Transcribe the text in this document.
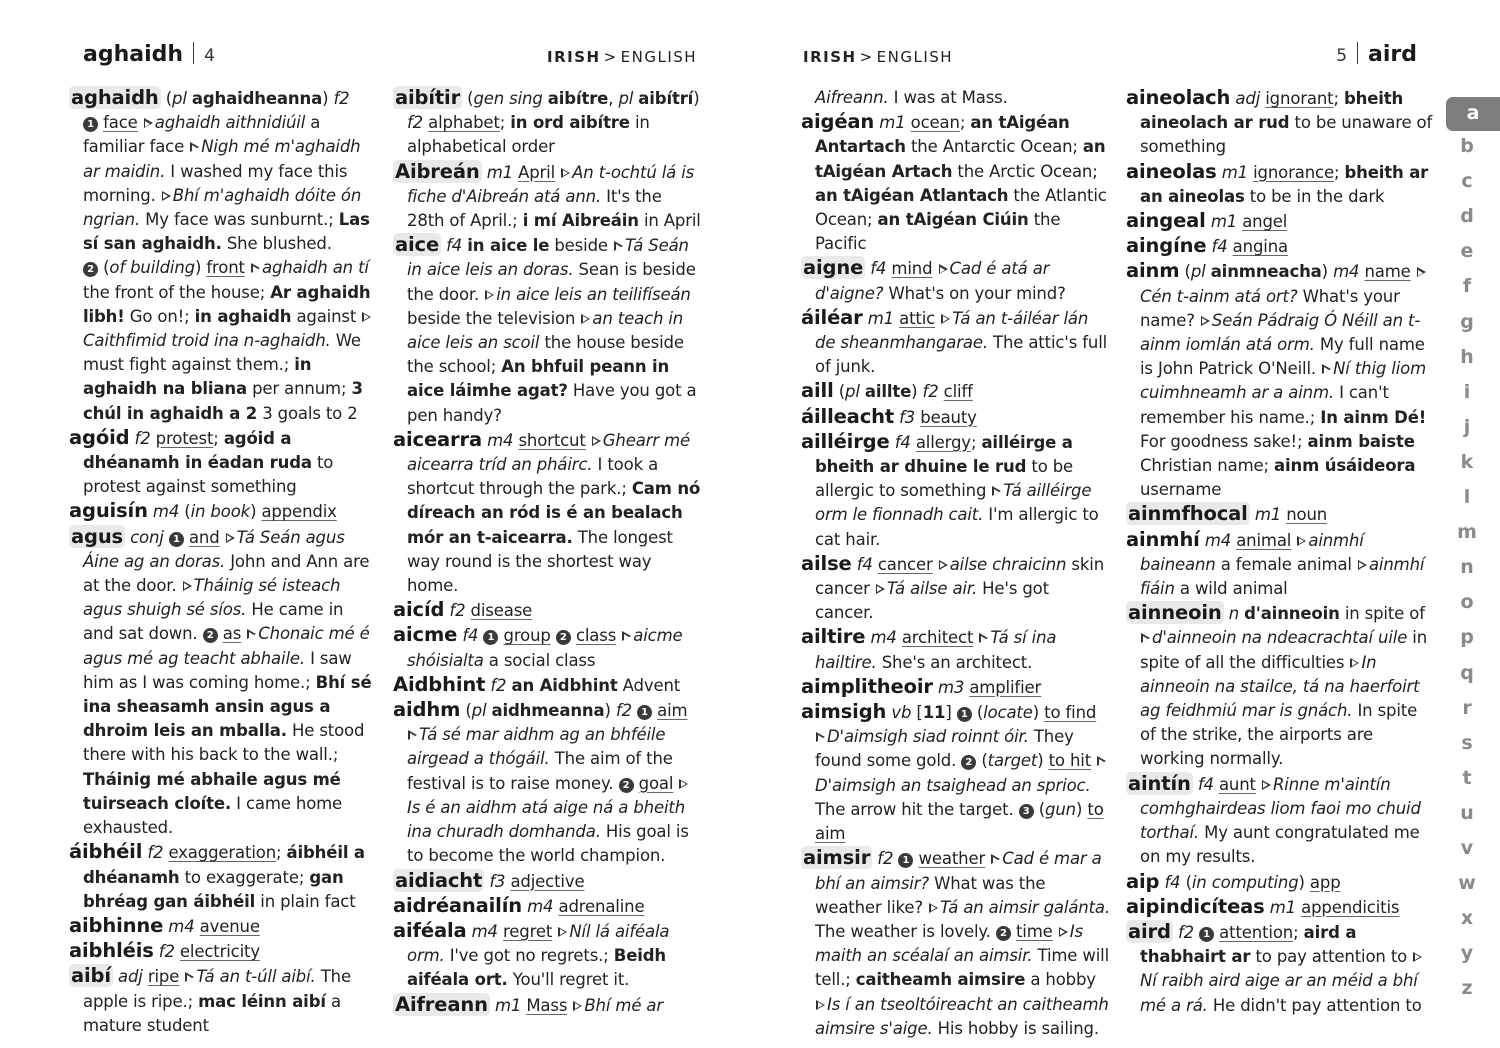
aghaidh 4	IRISH > ENGLISH	IRISH > ENGLISH	5 aird
aghaidh (pl aghaidheanna) f2
1 face aghaidh aithnidiúil a familiar face Nigh mé m'aghaidh ar maidin. I washed my face this morning. Bhí m'aghaidh dóite ón ngrian. My face was sunburnt.; Las sí san aghaidh. She blushed.
2 (of building) front aghaidh an tí the front of the house; Ar aghaidh libh! Go on!; in aghaidh against Caithfimid troid ina n-aghaidh. We must fight against them.; in aghaidh na bliana per annum; 3 chúl in aghaidh a 2 3 goals to 2
agóid f2 protest; agóid a dhéanamh in éadan ruda to protest against something
aguisín m4 (in book) appendix
agus conj 1 and Tá Seán agus Áine ag an doras. John and Ann are at the door. Tháinig sé isteach agus shuigh sé síos. He came in and sat down. 2 as Chonaic mé é agus mé ag teacht abhaile. I saw him as I was coming home.; Bhí sé ina sheasamh ansin agus a dhroim leis an mballa. He stood there with his back to the wall.; Tháinig mé abhaile agus mé tuirseach cloíte. I came home exhausted.
áibhéil f2 exaggeration; áibhéil a dhéanamh to exaggerate; gan bhréag gan áibhéil in plain fact
aibhinne m4 avenue
aibhléis f2 electricity
aibí adj ripe Tá an t-úll aibí. The apple is ripe.; mac léinn aibí a mature student
aibítir (gen sing aibítre, pl aibítrí) f2 alphabet; in ord aibítre in alphabetical order
Aibreán m1 April An t-ochtú lá is fiche d'Aibreán atá ann. It's the 28th of April.; i mí Aibreáin in April
aice f4 in aice le beside Tá Seán in aice leis an doras. Sean is beside the door. in aice leis an teilifíseán beside the television an teach in aice leis an scoil the house beside the school; An bhfuil peann in aice láimhe agat? Have you got a pen handy?
aicearra m4 shortcut Ghearr mé aicearra tríd an pháirc. I took a shortcut through the park.; Cam nó díreach an ród is é an bealach mór an t-aicearra. The longest way round is the shortest way home.
aicíd f2 disease
aicme f4 1 group 2 class aicme shóisialta a social class
Aidbhint f2 an Aidbhint Advent
aidhm (pl aidhmeanna) f2 1 aim Tá sé mar aidhm ag an bhféile airgead a thógáil. The aim of the festival is to raise money. 2 goal Is é an aidhm atá aige ná a bheith ina churadh domhanda. His goal is to become the world champion.
aidiacht f3 adjective
aidréanailín m4 adrenaline
aiféala m4 regret Níl lá aiféala orm. I've got no regrets.; Beidh aiféala ort. You'll regret it.
Aifreann m1 Mass Bhí mé ar
Aifreann. I was at Mass.
aigéan m1 ocean; an tAigéan Antartach the Antarctic Ocean; an tAigéan Artach the Arctic Ocean; an tAigéan Atlantach the Atlantic Ocean; an tAigéan Ciúin the Pacific
aigne f4 mind Cad é atá ar d'aigne? What's on your mind?
áiléar m1 attic Tá an t-áiléar lán de sheanmhangarae. The attic's full of junk.
aill (pl aillte) f2 cliff
áilleacht f3 beauty
ailléirge f4 allergy; ailléirge a bheith ar dhuine le rud to be allergic to something Tá ailléirge orm le fionnadh cait. I'm allergic to cat hair.
ailse f4 cancer ailse chraicinn skin cancer Tá ailse air. He's got cancer.
ailtire m4 architect Tá sí ina hailtire. She's an architect.
aimplitheoir m3 amplifier
aimsigh vb [11] 1 (locate) to find D'aimsigh siad roinnt óir. They found some gold. 2 (target) to hit D'aimsigh an tsaighead an sprioc. The arrow hit the target. 3 (gun) to aim
aimsir f2 1 weather Cad é mar a bhí an aimsir? What was the weather like? Tá an aimsir galánta. The weather is lovely. 2 time Is maith an scéalaí an aimsir. Time will tell.; caitheamh aimsire a hobby Is í an tseoltóireacht an caitheamh aimsire s'aige. His hobby is sailing.
aineolach adj ignorant; bheith aineolach ar rud to be unaware of something
aineolas m1 ignorance; bheith ar an aineolas to be in the dark
aingeal m1 angel
aingíne f4 angina
ainm (pl ainmneacha) m4 name Cén t-ainm atá ort? What's your name? Seán Pádraig Ó Néill an t-ainm iomlán atá orm. My full name is John Patrick O'Neill. Ní thig liom cuimhneamh ar a ainm. I can't remember his name.; In ainm Dé! For goodness sake!; ainm baiste Christian name; ainm úsáideora username
ainmfhocal m1 noun
ainmhí m4 animal ainmhí baineann a female animal ainmhí fiáin a wild animal
ainneoin n d'ainneoin in spite of d'ainneoin na ndeacrachtaí uile in spite of all the difficulties In ainneoin na stailce, tá na haerfoirt ag feidhmiú mar is gnách. In spite of the strike, the airports are working normally.
aintín f4 aunt Rinne m'aintín comhghairdeas liom faoi mo chuid torthaí. My aunt congratulated me on my results.
aip f4 (in computing) app
aipindicíteas m1 appendicitis
aird f2 1 attention; aird a thabhairt ar to pay attention to Ní raibh aird aige ar an méid a bhí mé a rá. He didn't pay attention to
a
b
c
d
e
f
g
h
i
j
k
l
m
n
o
p
q
r
s
t
u
v
w
x
y
z
